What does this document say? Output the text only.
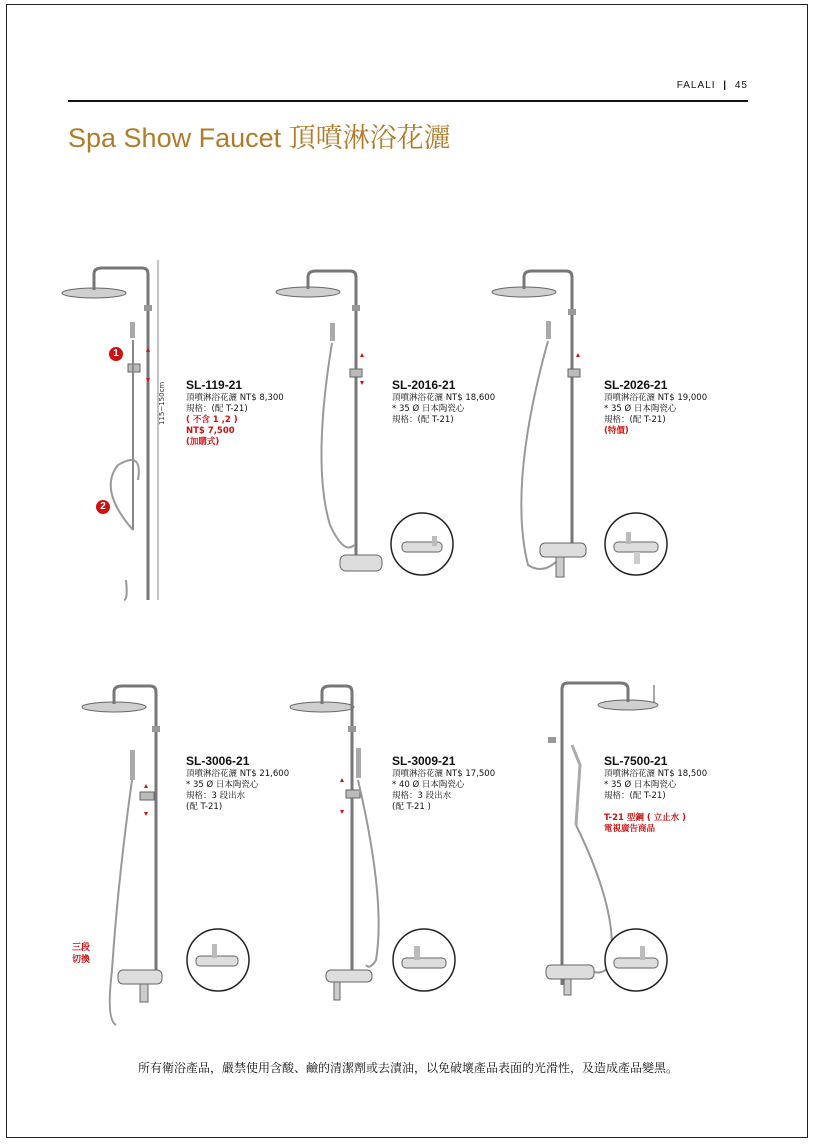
FALALI | 45
Spa Show Faucet 頂噴淋浴花灑
1
2
115~150cm
三段
切換
SL-119-21
頂噴淋浴花灑 NT$ 8,300
規格：(配 T-21)
( 不含 1 ,2 )
NT$ 7,500
(加購式)
SL-2016-21
頂噴淋浴花灑 NT$ 18,600
* 35 Ø 日本陶瓷心
規格：(配 T-21)
SL-2026-21
頂噴淋浴花灑 NT$ 19,000
* 35 Ø 日本陶瓷心
規格：(配 T-21)
(特價)
SL-3006-21
頂噴淋浴花灑 NT$ 21,600
* 35 Ø 日本陶瓷心
規格：3 段出水
(配 T-21)
SL-3009-21
頂噴淋浴花灑 NT$ 17,500
* 40 Ø 日本陶瓷心
規格：3 段出水
(配 T-21 )
SL-7500-21
頂噴淋浴花灑 NT$ 18,500
* 35 Ø 日本陶瓷心
規格：(配 T-21)
T-21 型鋼 ( 立止水 )
電視廣告商品
所有衛浴產品，嚴禁使用含酸、鹼的清潔劑或去漬油，以免破壞產品表面的光滑性，及造成產品變黑。
